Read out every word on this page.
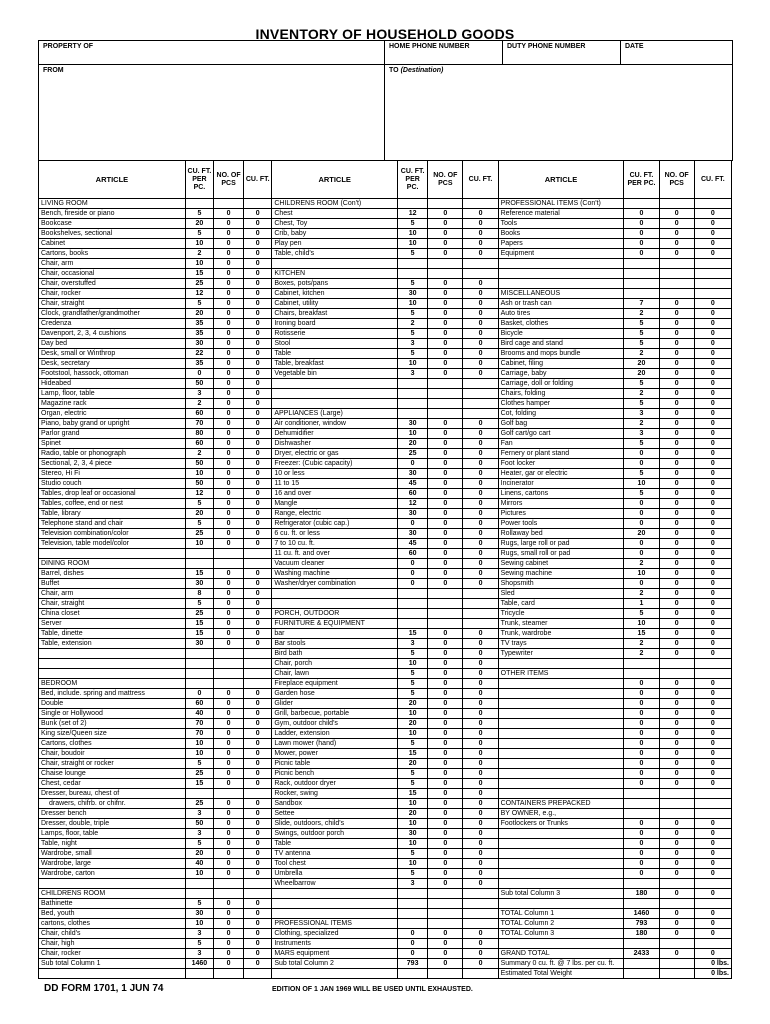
INVENTORY OF HOUSEHOLD GOODS
PROPERTY OF	HOME PHONE NUMBER	DUTY PHONE NUMBER	DATE
FROM	TO (Destination)		
ARTICLE	CU. FT. PER PC.	NO. OF PCS	CU. FT.	ARTICLE	CU. FT. PER PC.	NO. OF PCS	CU. FT.	ARTICLE	CU. FT. PER PC.	NO. OF PCS	CU. FT.
LIVING ROOM				CHILDRENS ROOM (Con't)				PROFESSIONAL ITEMS (Con't)			
Bench, fireside or piano	5	0	0	Chest	12	0	0	Reference material	0	0	0
Bookcase	20	0	0	Chest, Toy	5	0	0	Tools	0	0	0
Bookshelves, sectional	5	0	0	Crib, baby	10	0	0	Books	0	0	0
Cabinet	10	0	0	Play pen	10	0	0	Papers	0	0	0
Cartons, books	2	0	0	Table, child's	5	0	0	Equipment	0	0	0
Chair, arm	10	0	0								
Chair, occasional	15	0	0	KITCHEN							
Chair, overstuffed	25	0	0	Boxes, pots/pans	5	0	0				
Chair, rocker	12	0	0	Cabinet, kitchen	30	0	0	MISCELLANEOUS			
Chair, straight	5	0	0	Cabinet, utility	10	0	0	Ash or trash can	7	0	0
Clock, grandfather/grandmother	20	0	0	Chairs, breakfast	5	0	0	Auto tires	2	0	0
Credenza	35	0	0	Ironing board	2	0	0	Basket, clothes	5	0	0
Davenport, 2, 3, 4 cushions	35	0	0	Rotisserie	5	0	0	Bicycle	5	0	0
Day bed	30	0	0	Stool	3	0	0	Bird cage and stand	5	0	0
Desk, small or Winthrop	22	0	0	Table	5	0	0	Brooms and mops bundle	2	0	0
Desk, secretary	35	0	0	Table, breakfast	10	0	0	Cabinet, filing	20	0	0
Footstool, hassock, ottoman	0	0	0	Vegetable bin	3	0	0	Carriage, baby	20	0	0
Hideabed	50	0	0					Carriage, doll or folding	5	0	0
Lamp, floor, table	3	0	0					Chairs, folding	2	0	0
Magazine rack	2	0	0					Clothes hamper	5	0	0
Organ, electric	60	0	0	APPLIANCES (Large)				Cot, folding	3	0	0
Piano, baby grand or upright	70	0	0	Air conditioner, window	30	0	0	Golf bag	2	0	0
Parlor grand	80	0	0	Dehumidifier	10	0	0	Golf cart/go cart	3	0	0
Spinet	60	0	0	Dishwasher	20	0	0	Fan	5	0	0
Radio, table or phonograph	2	0	0	Dryer, electric or gas	25	0	0	Fernery or plant stand	0	0	0
Sectional, 2, 3, 4 piece	50	0	0	Freezer: (Cubic capacity)	0	0	0	Foot locker	0	0	0
Stereo, Hi Fi	10	0	0	10 or less	30	0	0	Heater, gar or electric	5	0	0
Studio couch	50	0	0	11 to 15	45	0	0	Incinerator	10	0	0
Tables, drop leaf or occasional	12	0	0	16 and over	60	0	0	Linens, cartons	5	0	0
Tables, coffee, end or nest	5	0	0	Mangle	12	0	0	Mirrors	0	0	0
Table, library	20	0	0	Range, electric	30	0	0	Pictures	0	0	0
Telephone stand and chair	5	0	0	Refrigerator (cubic cap.)	0	0	0	Power tools	0	0	0
Television combination/color	25	0	0	6 cu. ft. or less	30	0	0	Rollaway bed	20	0	0
Television, table model/color	10	0	0	7 to 10 cu. ft.	45	0	0	Rugs, large roll or pad	0	0	0
				11 cu. ft. and over	60	0	0	Rugs, small roll or pad	0	0	0
DINING ROOM				Vacuum cleaner	0	0	0	Sewing cabinet	2	0	0
Barrel, dishes	15	0	0	Washing machine	0	0	0	Sewing machine	10	0	0
Buffet	30	0	0	Washer/dryer combination	0	0	0	Shopsmith	0	0	0
Chair, arm	8	0	0					Sled	2	0	0
Chair, straight	5	0	0					Table, card	1	0	0
China closet	25	0	0	PORCH, OUTDOOR				Tricycle	5	0	0
Server	15	0	0	FURNITURE & EQUIPMENT				Trunk, steamer	10	0	0
Table, dinette	15	0	0	bar	15	0	0	Trunk, wardrobe	15	0	0
Table, extension	30	0	0	Bar stools	3	0	0	TV trays	2	0	0
				Bird bath	5	0	0	Typewriter	2	0	0
				Chair, porch	10	0	0				
				Chair, lawn	5	0	0	OTHER ITEMS			
BEDROOM				Fireplace equipment	5	0	0		0	0	0
Bed, include. spring and mattress	0	0	0	Garden hose	5	0	0		0	0	0
Double	60	0	0	Glider	20	0	0		0	0	0
Single or Hollywood	40	0	0	Grill, barbecue, portable	10	0	0		0	0	0
Bunk (set of 2)	70	0	0	Gym, outdoor child's	20	0	0		0	0	0
King size/Queen size	70	0	0	Ladder, extension	10	0	0		0	0	0
Cartons, clothes	10	0	0	Lawn mower (hand)	5	0	0		0	0	0
Chair, boudoir	10	0	0	Mower, power	15	0	0		0	0	0
Chair, straight or rocker	5	0	0	Picnic table	20	0	0		0	0	0
Chaise lounge	25	0	0	Picnic bench	5	0	0		0	0	0
Chest, cedar	15	0	0	Rack, outdoor dryer	5	0	0		0	0	0
Dresser, bureau, chest of				Rocker, swing	15	0	0				
drawers, chifrb. or chifnr.	25	0	0	Sandbox	10	0	0	CONTAINERS PREPACKED			
Dresser bench	3	0	0	Settee	20	0	0	BY OWNER, e.g.,			
Dresser, double, triple	50	0	0	Slide, outdoors, child's	10	0	0	Footlockers or Trunks	0	0	0
Lamps, floor, table	3	0	0	Swings, outdoor porch	30	0	0		0	0	0
Table, night	5	0	0	Table	10	0	0		0	0	0
Wardrobe, small	20	0	0	TV antenna	5	0	0		0	0	0
Wardrobe, large	40	0	0	Tool chest	10	0	0		0	0	0
Wardrobe, carton	10	0	0	Umbrella	5	0	0		0	0	0
				Wheelbarrow	3	0	0				
CHILDRENS ROOM								Sub total Column 3	180	0	0
Bathinette	5	0	0								
Bed, youth	30	0	0					TOTAL Column 1	1460	0	0
cartons, clothes	10	0	0	PROFESSIONAL ITEMS				TOTAL Column 2	793	0	0
Chair, child's	3	0	0	Clothing, specialized	0	0	0	TOTAL Column 3	180	0	0
Chair, high	5	0	0	Instruments	0	0	0				
Chair, rocker	3	0	0	MARS equipment	0	0	0	GRAND TOTAL	2433	0	0
Sub total Column 1	1460	0	0	Sub total Column 2	793	0	0	Summary 0 cu. ft. @ 7 lbs. per cu. ft.			0 lbs.
								Estimated Total Weight			0 lbs.
DD FORM 1701, 1 JUN 74	EDITION OF 1 JAN 1969 WILL BE USED UNTIL EXHAUSTED.
